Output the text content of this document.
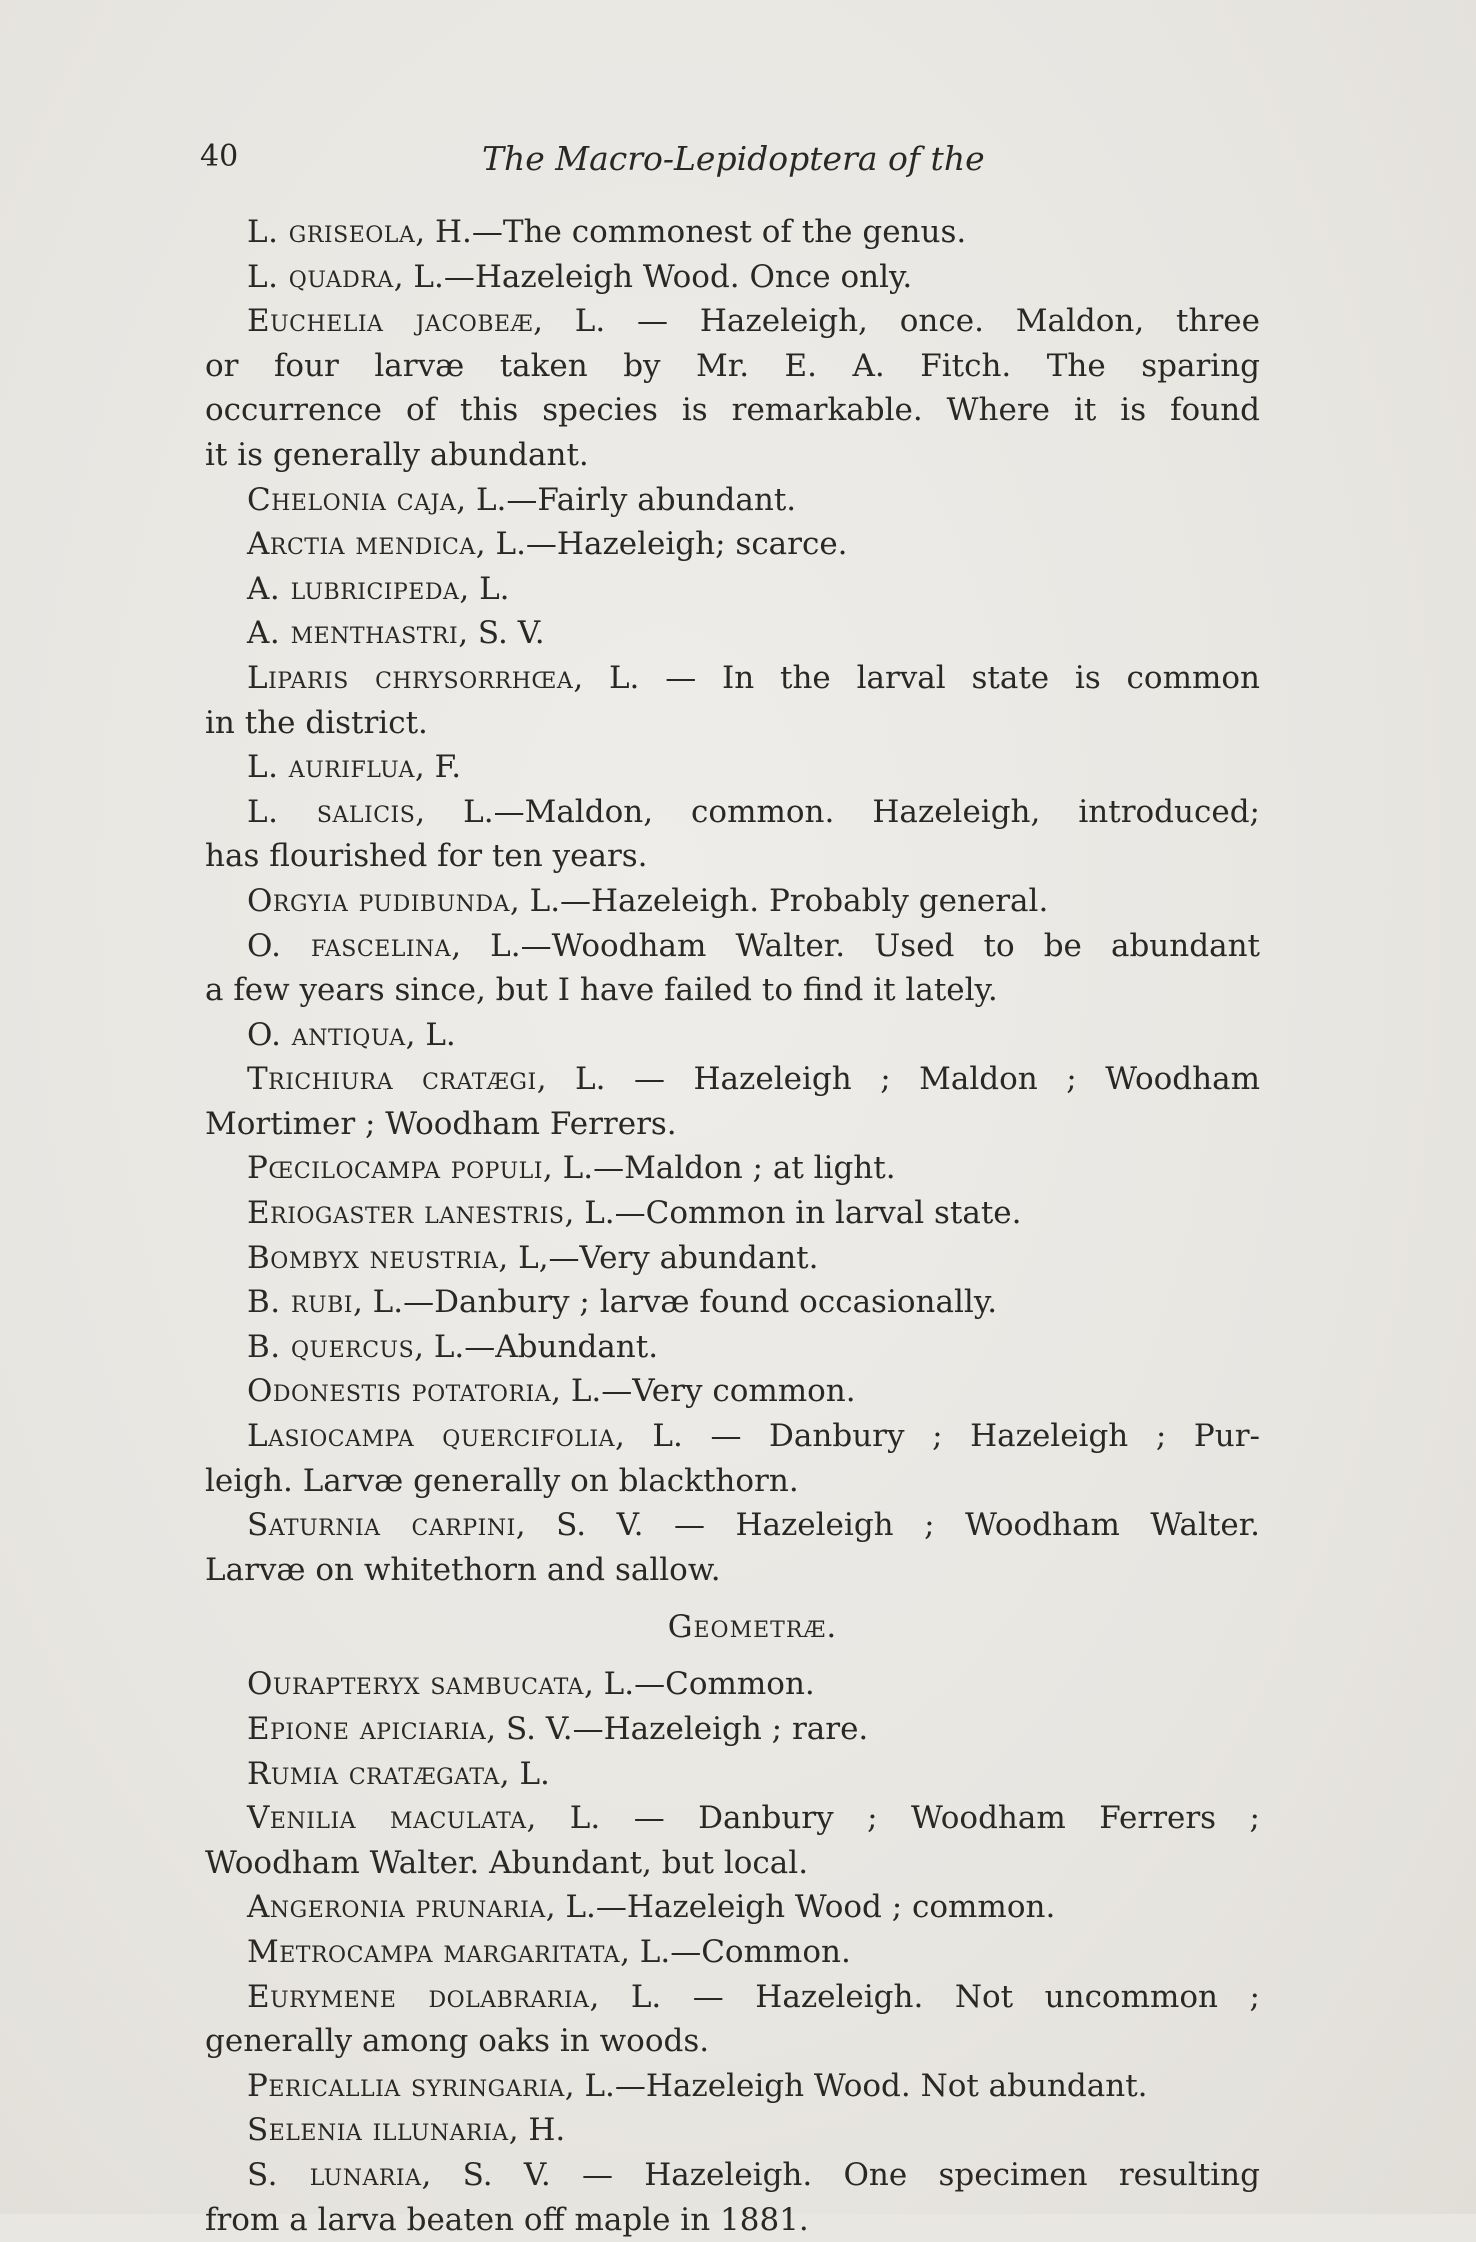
40	The Macro-Lepidoptera of the
L. griseola, H.—The commonest of the genus.
L. quadra, L.—Hazeleigh Wood. Once only.
Euchelia jacobeæ, L. — Hazeleigh, once. Maldon, three
or four larvæ taken by Mr. E. A. Fitch. The sparing
occurrence of this species is remarkable. Where it is found
it is generally abundant.
Chelonia caja, L.—Fairly abundant.
Arctia mendica, L.—Hazeleigh; scarce.
A. lubricipeda, L.
A. menthastri, S. V.
Liparis chrysorrhœa, L. — In the larval state is common
in the district.
L. auriflua, F.
L. salicis, L.—Maldon, common. Hazeleigh, introduced;
has flourished for ten years.
Orgyia pudibunda, L.—Hazeleigh. Probably general.
O. fascelina, L.—Woodham Walter. Used to be abundant
a few years since, but I have failed to find it lately.
O. antiqua, L.
Trichiura cratægi, L. — Hazeleigh ; Maldon ; Woodham
Mortimer ; Woodham Ferrers.
Pœcilocampa populi, L.—Maldon ; at light.
Eriogaster lanestris, L.—Common in larval state.
Bombyx neustria, L,—Very abundant.
B. rubi, L.—Danbury ; larvæ found occasionally.
B. quercus, L.—Abundant.
Odonestis potatoria, L.—Very common.
Lasiocampa quercifolia, L. — Danbury ; Hazeleigh ; Pur-
leigh. Larvæ generally on blackthorn.
Saturnia carpini, S. V. — Hazeleigh ; Woodham Walter.
Larvæ on whitethorn and sallow.
Geometræ.
Ourapteryx sambucata, L.—Common.
Epione apiciaria, S. V.—Hazeleigh ; rare.
Rumia cratægata, L.
Venilia maculata, L. — Danbury ; Woodham Ferrers ;
Woodham Walter. Abundant, but local.
Angeronia prunaria, L.—Hazeleigh Wood ; common.
Metrocampa margaritata, L.—Common.
Eurymene dolabraria, L. — Hazeleigh. Not uncommon ;
generally among oaks in woods.
Pericallia syringaria, L.—Hazeleigh Wood. Not abundant.
Selenia illunaria, H.
S. lunaria, S. V. — Hazeleigh. One specimen resulting
from a larva beaten off maple in 1881.
